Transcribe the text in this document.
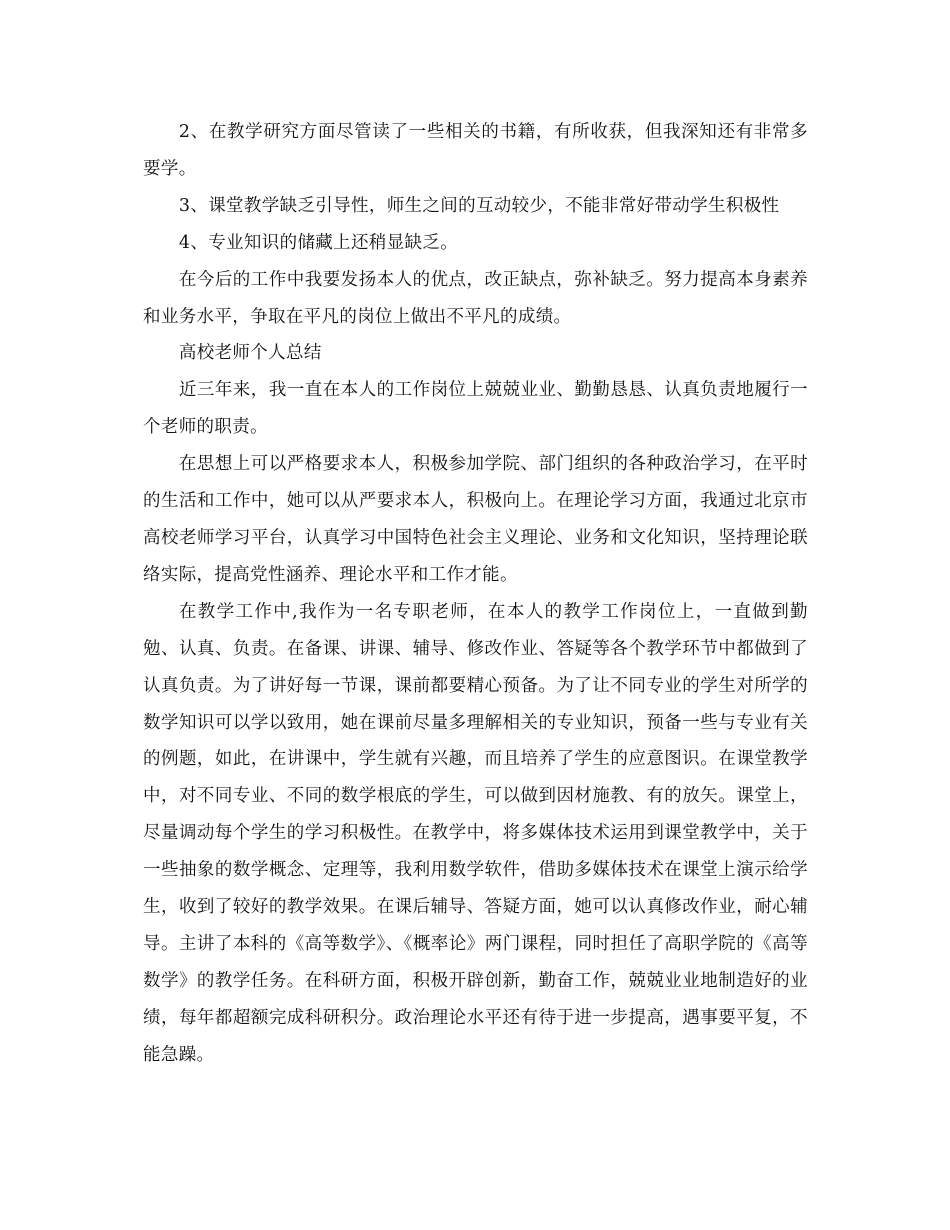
2、在教学研究方面尽管读了一些相关的书籍，有所收获，但我深知还有非常多要学。

3、课堂教学缺乏引导性，师生之间的互动较少，不能非常好带动学生积极性

4、专业知识的储藏上还稍显缺乏。

在今后的工作中我要发扬本人的优点，改正缺点，弥补缺乏。努力提高本身素养和业务水平，争取在平凡的岗位上做出不平凡的成绩。

高校老师个人总结

近三年来，我一直在本人的工作岗位上兢兢业业、勤勤恳恳、认真负责地履行一个老师的职责。

在思想上可以严格要求本人，积极参加学院、部门组织的各种政治学习，在平时的生活和工作中，她可以从严要求本人，积极向上。在理论学习方面，我通过北京市高校老师学习平台，认真学习中国特色社会主义理论、业务和文化知识，坚持理论联络实际，提高党性涵养、理论水平和工作才能。

在教学工作中,我作为一名专职老师，在本人的教学工作岗位上，一直做到勤勉、认真、负责。在备课、讲课、辅导、修改作业、答疑等各个教学环节中都做到了认真负责。为了讲好每一节课，课前都要精心预备。为了让不同专业的学生对所学的数学知识可以学以致用，她在课前尽量多理解相关的专业知识，预备一些与专业有关的例题，如此，在讲课中，学生就有兴趣，而且培养了学生的应意图识。在课堂教学中，对不同专业、不同的数学根底的学生，可以做到因材施教、有的放矢。课堂上，尽量调动每个学生的学习积极性。在教学中，将多媒体技术运用到课堂教学中，关于一些抽象的数学概念、定理等，我利用数学软件，借助多媒体技术在课堂上演示给学生，收到了较好的教学效果。在课后辅导、答疑方面，她可以认真修改作业，耐心辅导。主讲了本科的《高等数学》、《概率论》两门课程，同时担任了高职学院的《高等数学》的教学任务。在科研方面，积极开辟创新，勤奋工作，兢兢业业地制造好的业绩，每年都超额完成科研积分。政治理论水平还有待于进一步提高，遇事要平复，不能急躁。
